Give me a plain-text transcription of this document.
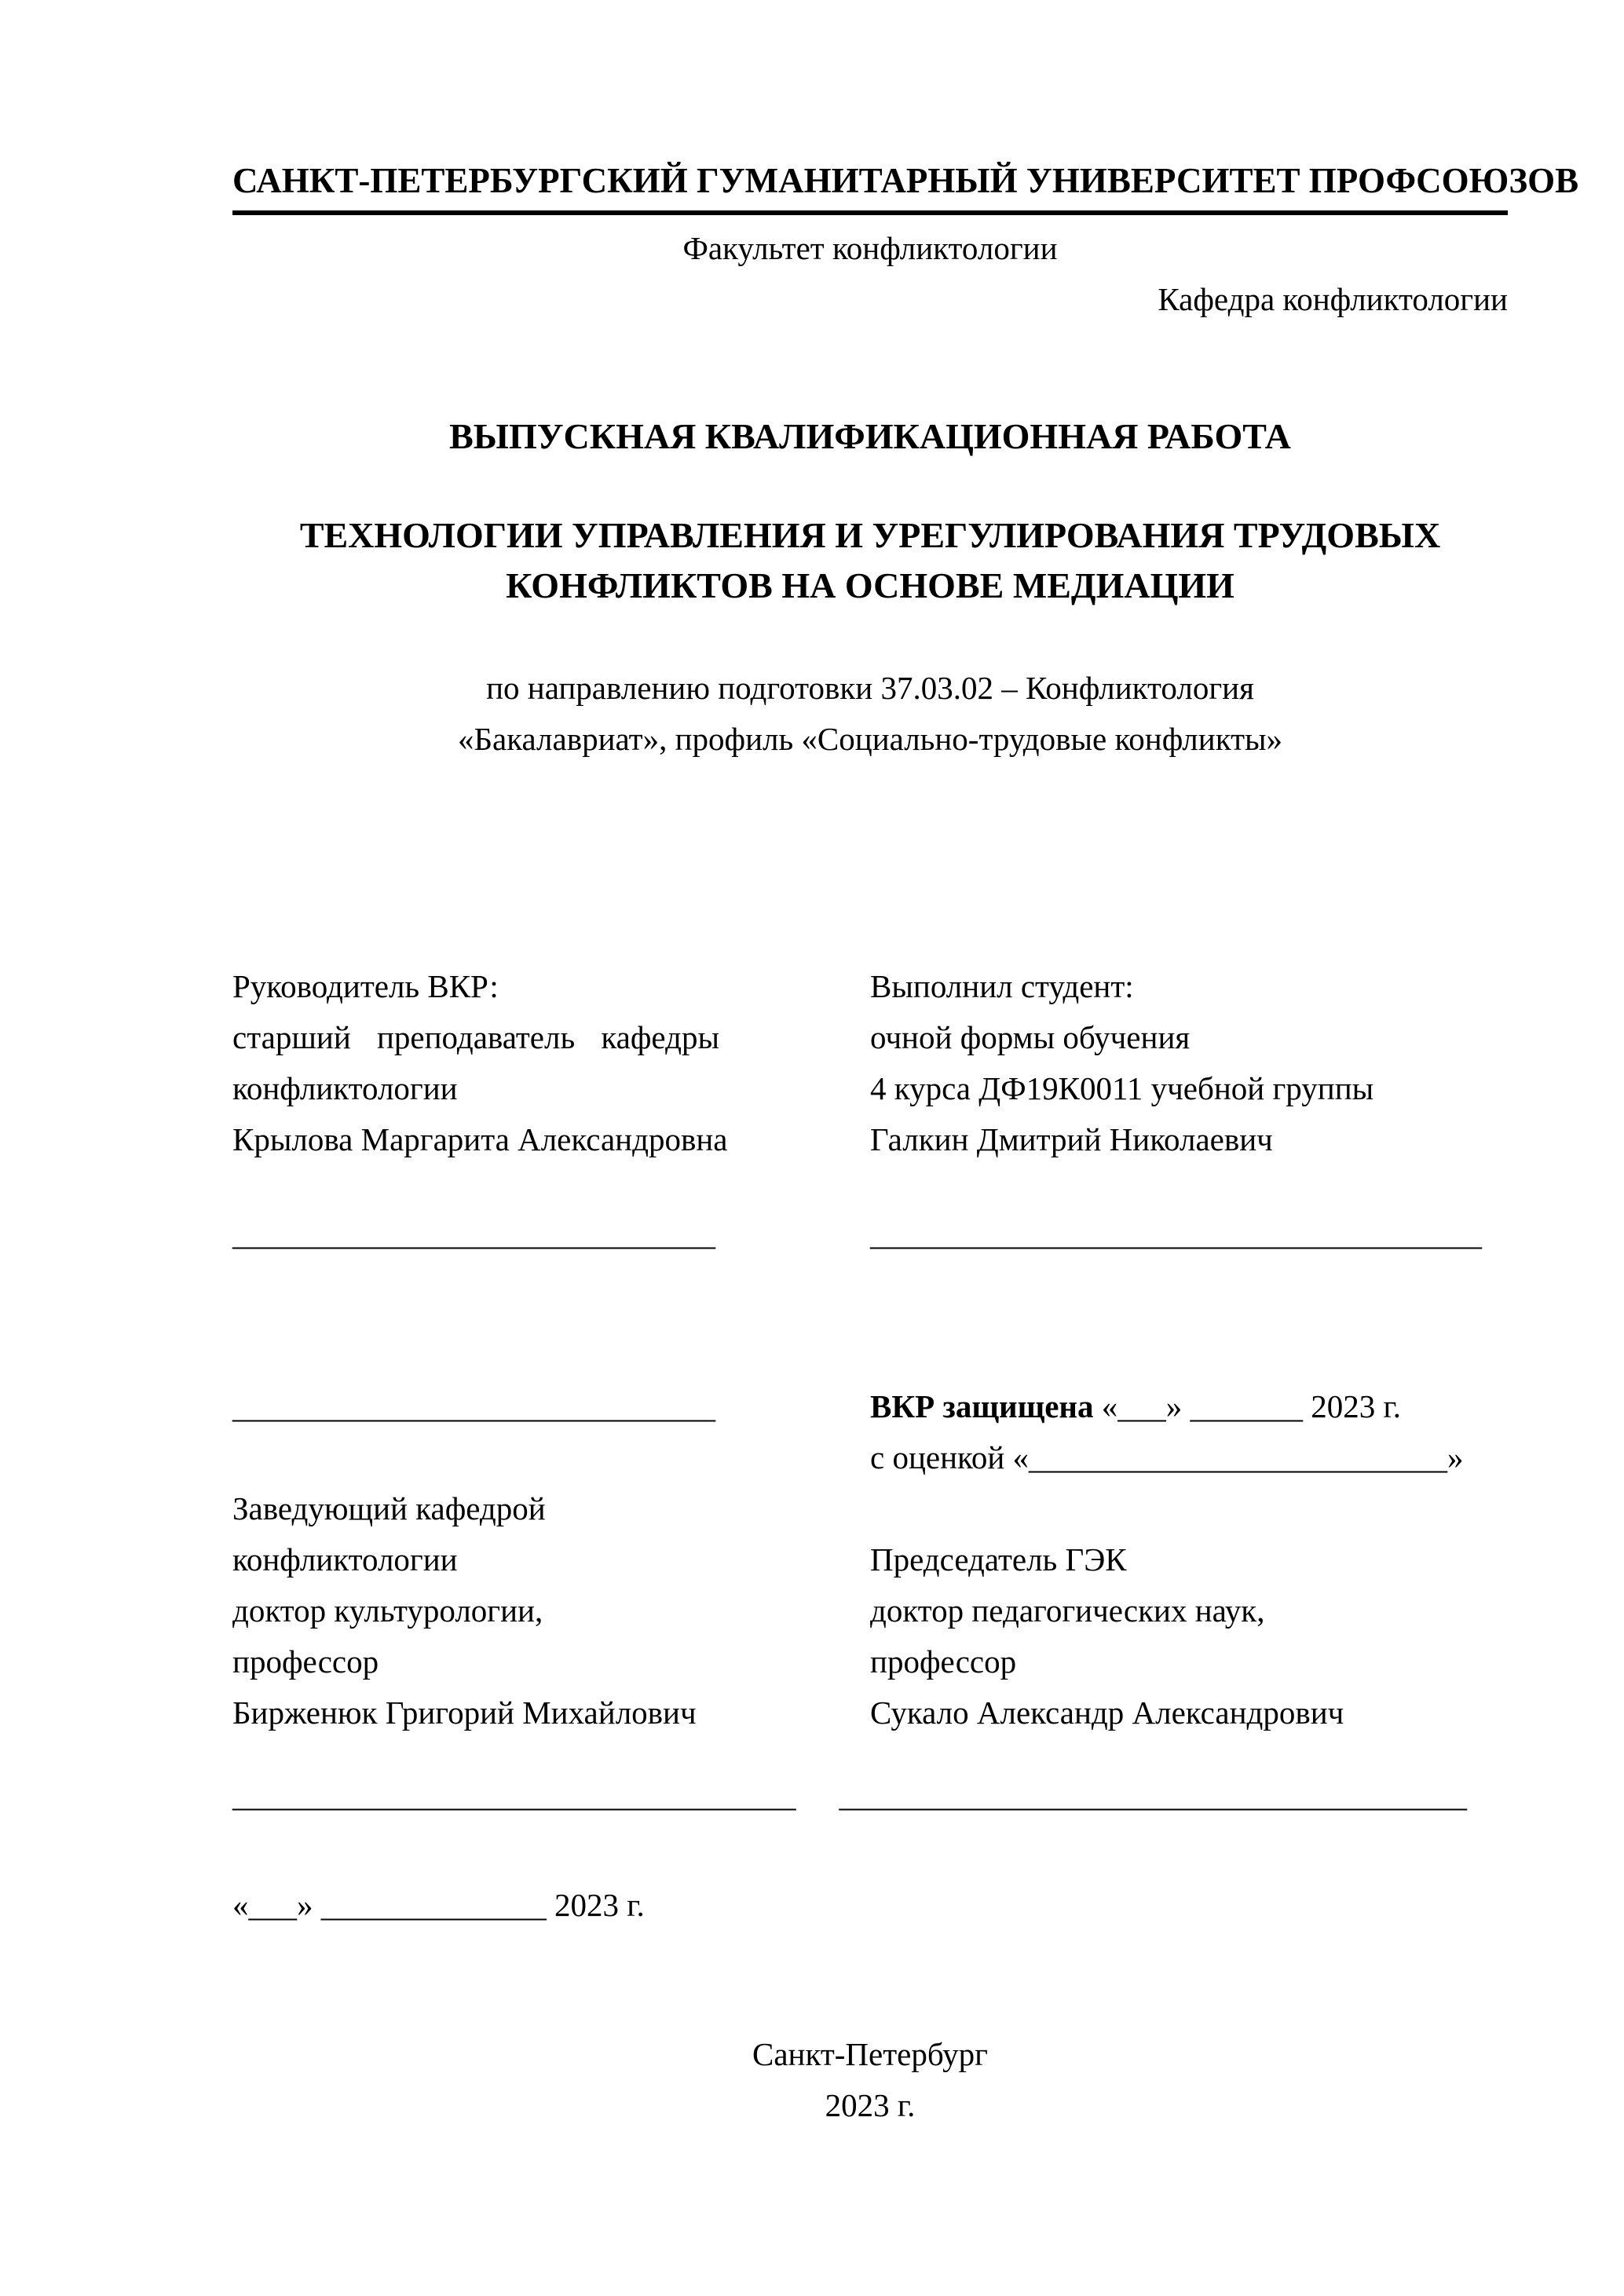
САНКТ-ПЕТЕРБУРГСКИЙ ГУМАНИТАРНЫЙ УНИВЕРСИТЕТ ПРОФСОЮЗОВ
Факультет конфликтологии
Кафедра конфликтологии
ВЫПУСКНАЯ КВАЛИФИКАЦИОННАЯ РАБОТА
ТЕХНОЛОГИИ УПРАВЛЕНИЯ И УРЕГУЛИРОВАНИЯ ТРУДОВЫХ
КОНФЛИКТОВ НА ОСНОВЕ МЕДИАЦИИ
по направлению подготовки 37.03.02 – Конфликтология
«Бакалавриат», профиль «Социально-трудовые конфликты»
Руководитель ВКР:
старший преподаватель кафедры
конфликтологии
Крылова Маргарита Александровна
Выполнил студент:
очной формы обучения
4 курса ДФ19К0011 учебной группы
Галкин Дмитрий Николаевич
______________________________	______________________________________
______________________________	ВКР защищена «___» _______ 2023 г.
с оценкой «__________________________»
Заведующий кафедрой
конфликтологии
доктор культурологии,
профессор
Бирженюк Григорий Михайлович
Председатель ГЭК
доктор педагогических наук,
профессор
Сукало Александр Александрович
___________________________________ _______________________________________
«___» ______________ 2023 г.
Санкт-Петербург
2023 г.
